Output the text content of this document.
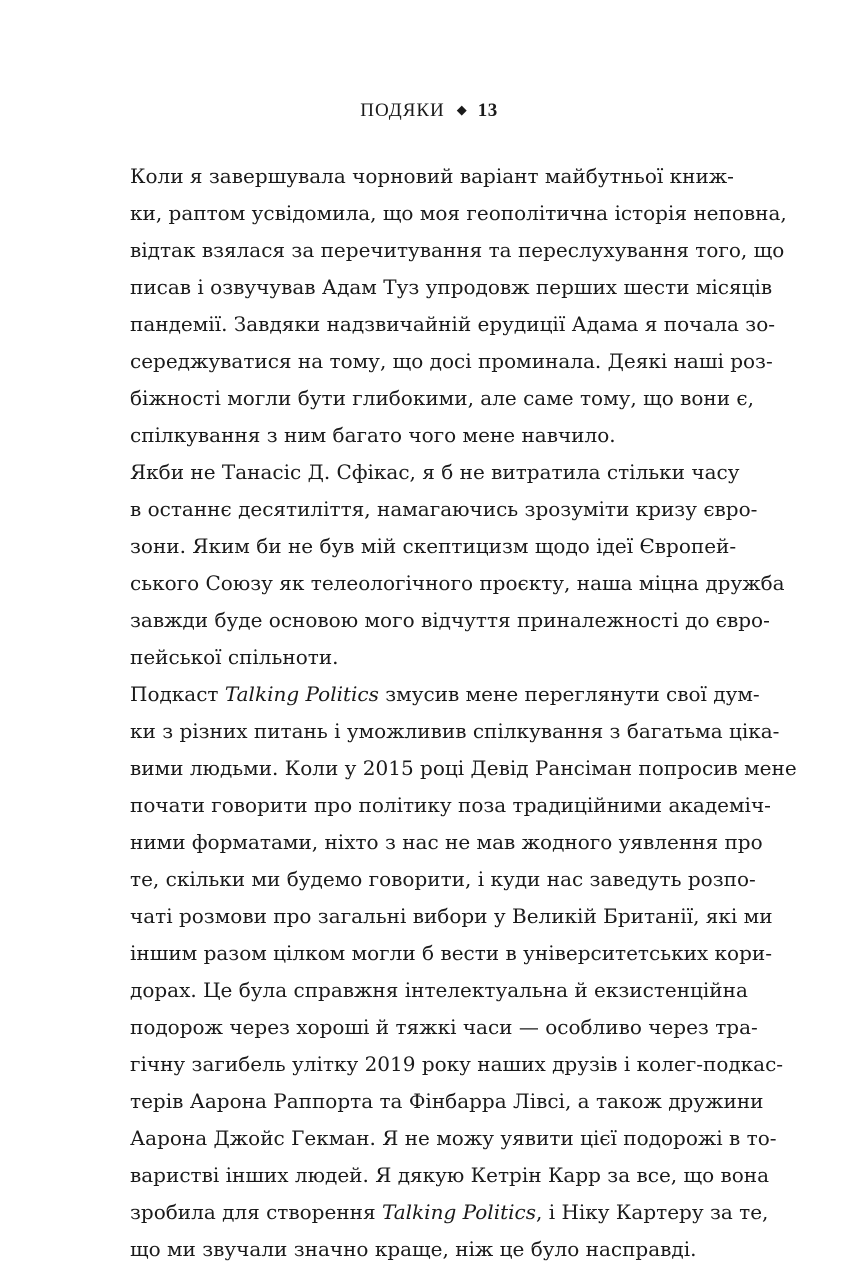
ПОДЯКИ ◆ 13
Коли я завершувала чорновий варіант майбутньої книж-
ки, раптом усвідомила, що моя геополітична історія неповна,
відтак взялася за перечитування та переслухування того, що
писав і озвучував Адам Туз упродовж перших шести місяців
пандемії. Завдяки надзвичайній ерудиції Адама я почала зо-
середжуватися на тому, що досі проминала. Деякі наші роз-
біжності могли бути глибокими, але саме тому, що вони є,
спілкування з ним багато чого мене навчило.
Якби не Танасіс Д. Сфікас, я б не витратила стільки часу
в останнє десятиліття, намагаючись зрозуміти кризу євро-
зони. Яким би не був мій скептицизм щодо ідеї Європей-
ського Союзу як телеологічного проєкту, наша міцна дружба
завжди буде основою мого відчуття приналежності до євро-
пейської спільноти.
Подкаст Talking Politics змусив мене переглянути свої дум-
ки з різних питань і уможливив спілкування з багатьма ціка-
вими людьми. Коли у 2015 році Девід Рансіман попросив мене
почати говорити про політику поза традиційними академіч-
ними форматами, ніхто з нас не мав жодного уявлення про
те, скільки ми будемо говорити, і куди нас заведуть розпо-
чаті розмови про загальні вибори у Великій Британії, які ми
іншим разом цілком могли б вести в університетських кори-
дорах. Це була справжня інтелектуальна й екзистенційна
подорож через хороші й тяжкі часи — особливо через тра-
гічну загибель улітку 2019 року наших друзів і колег-подкас-
терів Аарона Раппорта та Фінбарра Лівсі, а також дружини
Аарона Джойс Гекман. Я не можу уявити цієї подорожі в то-
варистві інших людей. Я дякую Кетрін Карр за все, що вона
зробила для створення Talking Politics, і Ніку Картеру за те,
що ми звучали значно краще, ніж це було насправді.
